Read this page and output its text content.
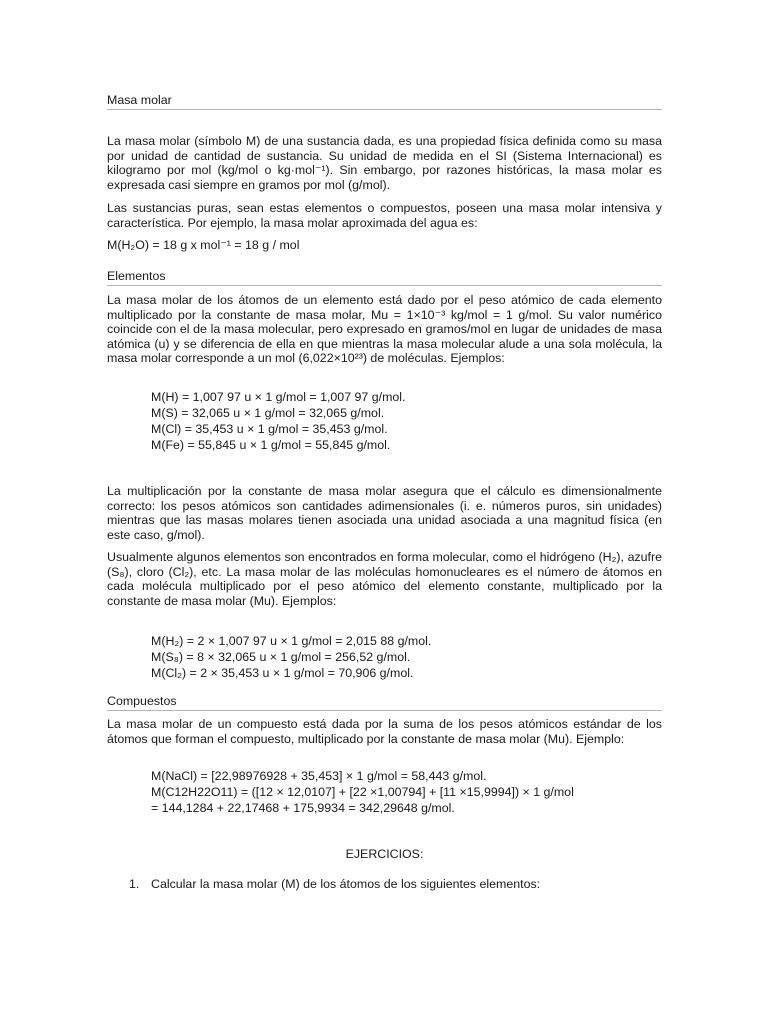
Masa molar

La masa molar (símbolo M) de una sustancia dada, es una propiedad física definida como su masa por unidad de cantidad de sustancia. Su unidad de medida en el SI (Sistema Internacional) es kilogramo por mol (kg/mol o kg·mol⁻¹). Sin embargo, por razones históricas, la masa molar es expresada casi siempre en gramos por mol (g/mol).

Las sustancias puras, sean estas elementos o compuestos, poseen una masa molar intensiva y característica. Por ejemplo, la masa molar aproximada del agua es:

M(H₂O) = 18 g x mol⁻¹ = 18 g / mol
Elementos

La masa molar de los átomos de un elemento está dado por el peso atómico de cada elemento multiplicado por la constante de masa molar, Mu = 1×10⁻³ kg/mol = 1 g/mol. Su valor numérico coincide con el de la masa molecular, pero expresado en gramos/mol en lugar de unidades de masa atómica (u) y se diferencia de ella en que mientras la masa molecular alude a una sola molécula, la masa molar corresponde a un mol (6,022×10²³) de moléculas. Ejemplos:

M(H) = 1,007 97 u × 1 g/mol = 1,007 97 g/mol.
M(S) = 32,065 u × 1 g/mol = 32,065 g/mol.
M(Cl) = 35,453 u × 1 g/mol = 35,453 g/mol.
M(Fe) = 55,845 u × 1 g/mol = 55,845 g/mol.

La multiplicación por la constante de masa molar asegura que el cálculo es dimensionalmente correcto: los pesos atómicos son cantidades adimensionales (i. e. números puros, sin unidades) mientras que las masas molares tienen asociada una unidad asociada a una magnitud física (en este caso, g/mol).

Usualmente algunos elementos son encontrados en forma molecular, como el hidrógeno (H₂), azufre (S₈), cloro (Cl₂), etc. La masa molar de las moléculas homonucleares es el número de átomos en cada molécula multiplicado por el peso atómico del elemento constante, multiplicado por la constante de masa molar (Mu). Ejemplos:

M(H₂) = 2 × 1,007 97 u × 1 g/mol = 2,015 88 g/mol.
M(S₈) = 8 × 32,065 u × 1 g/mol = 256,52 g/mol.
M(Cl₂) = 2 × 35,453 u × 1 g/mol = 70,906 g/mol.
Compuestos

La masa molar de un compuesto está dada por la suma de los pesos atómicos estándar de los átomos que forman el compuesto, multiplicado por la constante de masa molar (Mu). Ejemplo:

M(NaCl) = [22,98976928 + 35,453] × 1 g/mol = 58,443 g/mol.
M(C12H22O11) = ([12 × 12,0107] + [22 ×1,00794] + [11 ×15,9994]) × 1 g/mol
= 144,1284 + 22,17468 + 175,9934 = 342,29648 g/mol.
EJERCICIOS:
1. Calcular la masa molar (M) de los átomos de los siguientes elementos:
